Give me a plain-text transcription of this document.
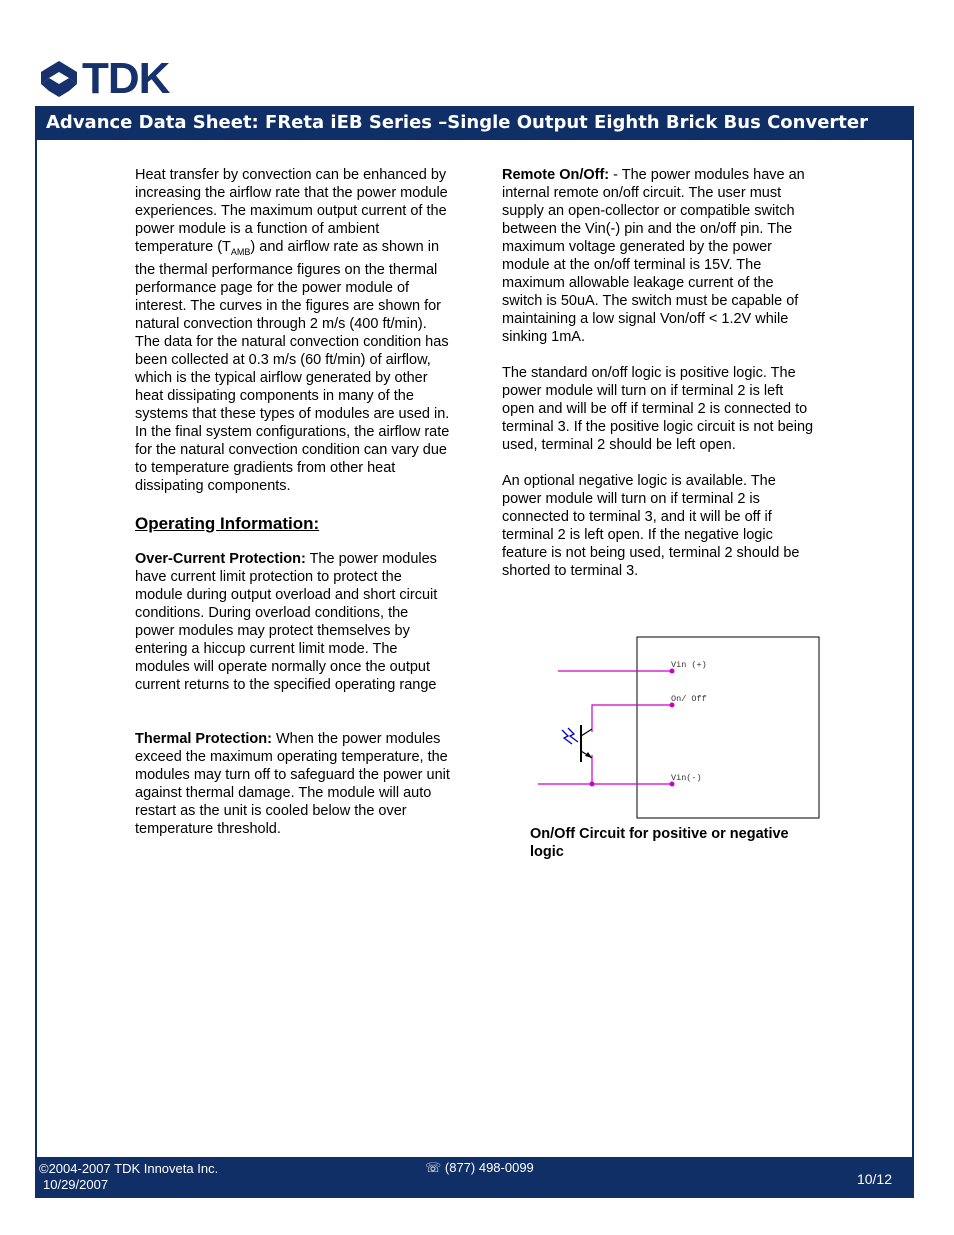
TDK
Advance Data Sheet: FReta iEB Series –Single Output Eighth Brick Bus Converter

Heat transfer by convection can be enhanced by increasing the airflow rate that the power module experiences. The maximum output current of the power module is a function of ambient temperature $(T_{AMB})$ and airflow rate as shown in the thermal performance figures on the thermal performance page for the power module of interest. The curves in the figures are shown for natural convection through 2 m/s (400 ft/min). The data for the natural convection condition has been collected at 0.3 m/s (60 ft/min) of airflow, which is the typical airflow generated by other heat dissipating components in many of the systems that these types of modules are used in. In the final system configurations, the airflow rate for the natural convection condition can vary due to temperature gradients from other heat dissipating components.

Operating Information:

Over-Current Protection: The power modules have current limit protection to protect the module during output overload and short circuit conditions. During overload conditions, the power modules may protect themselves by entering a hiccup current limit mode. The modules will operate normally once the output current returns to the specified operating range

Thermal Protection: When the power modules exceed the maximum operating temperature, the modules may turn off to safeguard the power unit against thermal damage. The module will auto restart as the unit is cooled below the over temperature threshold.

Remote On/Off: - The power modules have an internal remote on/off circuit. The user must supply an open-collector or compatible switch between the Vin(-) pin and the on/off pin. The maximum voltage generated by the power module at the on/off terminal is 15V. The maximum allowable leakage current of the switch is 50uA. The switch must be capable of maintaining a low signal Von/off < 1.2V while sinking 1mA.

The standard on/off logic is positive logic. The power module will turn on if terminal 2 is left open and will be off if terminal 2 is connected to terminal 3. If the positive logic circuit is not being used, terminal 2 should be left open.

An optional negative logic is available. The power module will turn on if terminal 2 is connected to terminal 3, and it will be off if terminal 2 is left open. If the negative logic feature is not being used, terminal 2 should be shorted to terminal 3.

Vin (+)
On/ Off
Vin(-)
On/Off Circuit for positive or negative logic
©2004-2007 TDK Innoveta Inc.
10/29/2007
☏ (877) 498-0099
10/12
